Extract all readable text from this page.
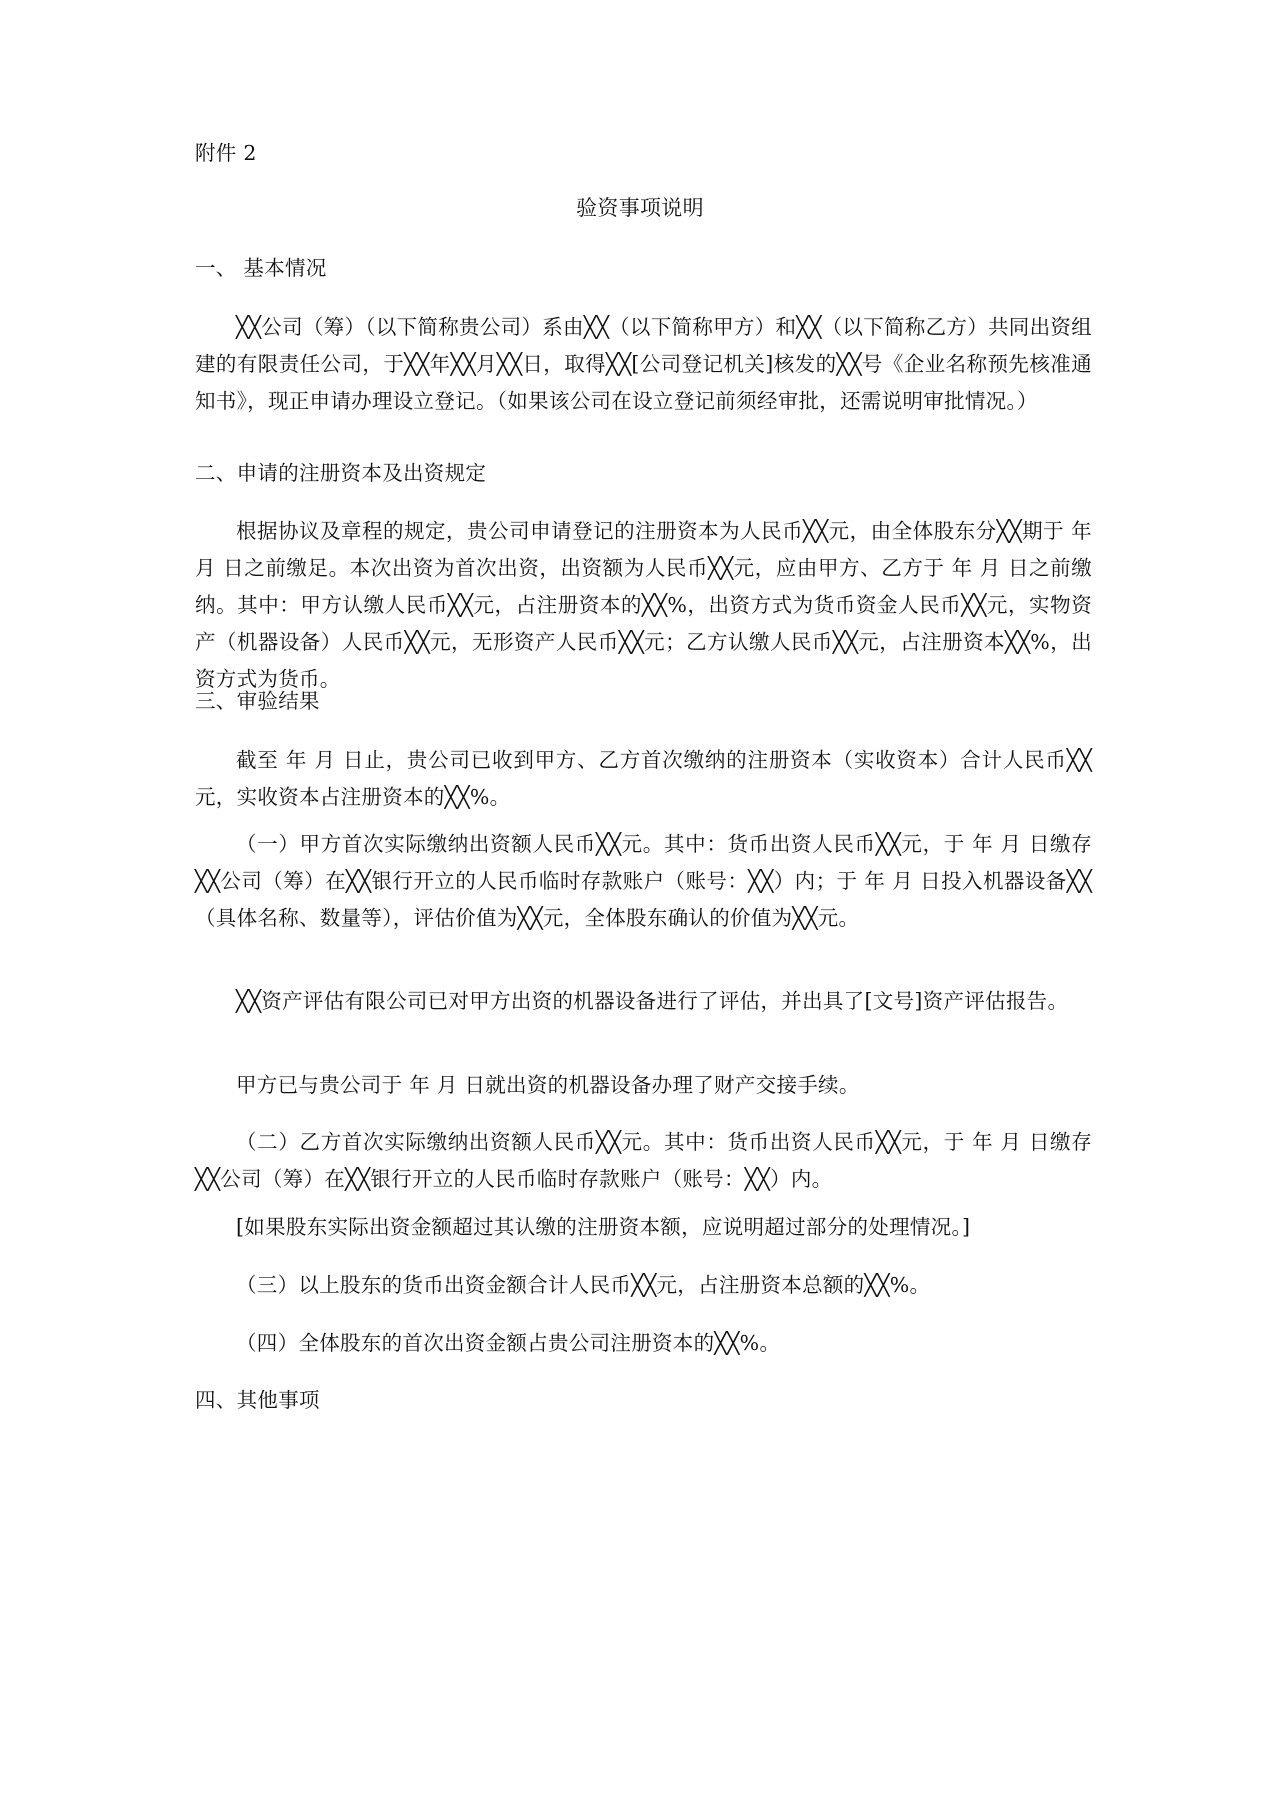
附件 2

验资事项说明

一、 基本情况

╳╳公司（筹）（以下简称贵公司）系由╳╳（以下简称甲方）和╳╳（以下简称乙方）共同出资组建的有限责任公司，于╳╳年╳╳月╳╳日，取得╳╳[公司登记机关]核发的╳╳号《企业名称预先核准通知书》，现正申请办理设立登记。（如果该公司在设立登记前须经审批，还需说明审批情况。）

二、申请的注册资本及出资规定

根据协议及章程的规定，贵公司申请登记的注册资本为人民币╳╳元，由全体股东分╳╳期于 年 月 日之前缴足。本次出资为首次出资，出资额为人民币╳╳元，应由甲方、乙方于 年 月 日之前缴纳。其中：甲方认缴人民币╳╳元，占注册资本的╳╳%，出资方式为货币资金人民币╳╳元，实物资产（机器设备）人民币╳╳元，无形资产人民币╳╳元；乙方认缴人民币╳╳元，占注册资本╳╳%，出资方式为货币。

三、审验结果

截至 年 月 日止，贵公司已收到甲方、乙方首次缴纳的注册资本（实收资本）合计人民币╳╳元，实收资本占注册资本的╳╳%。

（一）甲方首次实际缴纳出资额人民币╳╳元。其中：货币出资人民币╳╳元，于 年 月 日缴存╳╳公司（筹）在╳╳银行开立的人民币临时存款账户（账号：╳╳）内；于 年 月 日投入机器设备╳╳（具体名称、数量等），评估价值为╳╳元，全体股东确认的价值为╳╳元。

╳╳资产评估有限公司已对甲方出资的机器设备进行了评估，并出具了[文号]资产评估报告。

甲方已与贵公司于 年 月 日就出资的机器设备办理了财产交接手续。

（二）乙方首次实际缴纳出资额人民币╳╳元。其中：货币出资人民币╳╳元，于 年 月 日缴存╳╳公司（筹）在╳╳银行开立的人民币临时存款账户（账号：╳╳）内。

[如果股东实际出资金额超过其认缴的注册资本额，应说明超过部分的处理情况。]

（三）以上股东的货币出资金额合计人民币╳╳元，占注册资本总额的╳╳%。

（四）全体股东的首次出资金额占贵公司注册资本的╳╳%。

四、其他事项
